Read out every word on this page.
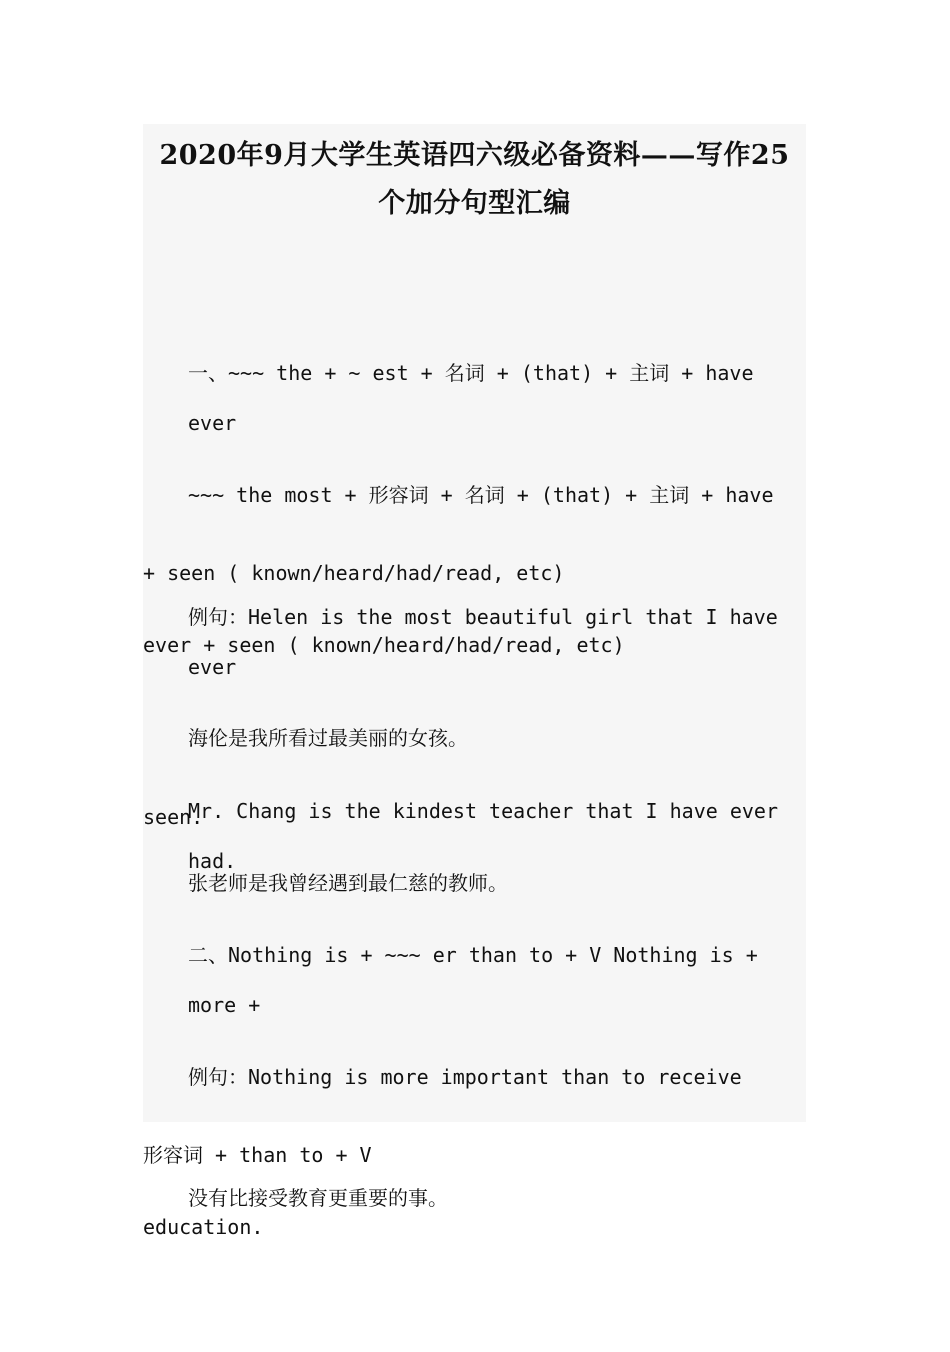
2020年9月大学生英语四六级必备资料——写作25
个加分句型汇编

一、~~~ the + ~ est + 名词 + (that) + 主词 + have ever

+ seen ( known/heard/had/read, etc)

~~~ the most + 形容词 + 名词 + (that) + 主词 + have

ever + seen ( known/heard/had/read, etc)

例句：Helen is the most beautiful girl that I have ever

seen.

海伦是我所看过最美丽的女孩。

Mr. Chang is the kindest teacher that I have ever had.

张老师是我曾经遇到最仁慈的教师。

二、Nothing is + ~~~ er than to + V Nothing is + more +

形容词 + than to + V

例句：Nothing is more important than to receive

education.

没有比接受教育更重要的事。
